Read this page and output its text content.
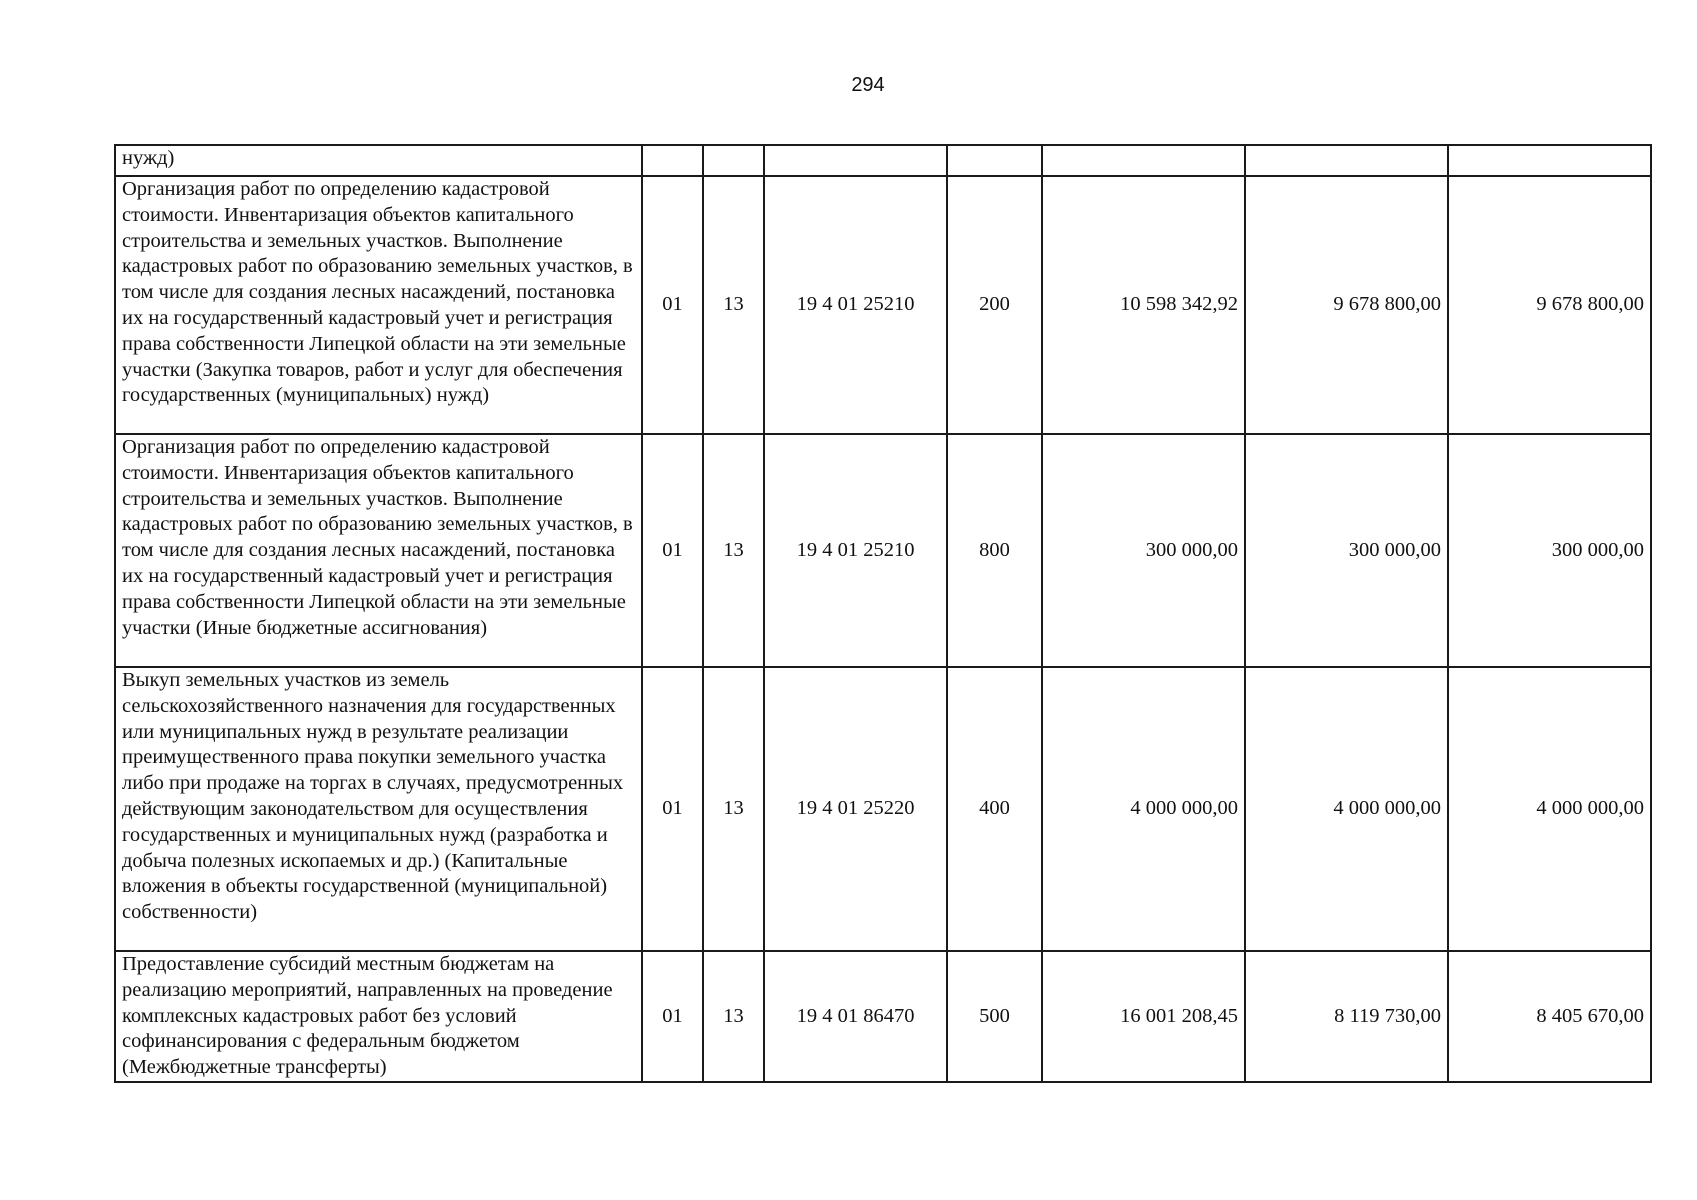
294
нужд)							
Организация работ по определению кадастровой стоимости. Инвентаризация объектов капитального строительства и земельных участков. Выполнение кадастровых работ по образованию земельных участков, в том числе для создания лесных насаждений, постановка их на государственный кадастровый учет и регистрация права собственности Липецкой области на эти земельные участки (Закупка товаров, работ и услуг для обеспечения государственных (муниципальных) нужд)	01	13	19 4 01 25210	200	10 598 342,92	9 678 800,00	9 678 800,00
Организация работ по определению кадастровой стоимости. Инвентаризация объектов капитального строительства и земельных участков. Выполнение кадастровых работ по образованию земельных участков, в том числе для создания лесных насаждений, постановка их на государственный кадастровый учет и регистрация права собственности Липецкой области на эти земельные участки (Иные бюджетные ассигнования)	01	13	19 4 01 25210	800	300 000,00	300 000,00	300 000,00
Выкуп земельных участков из земель сельскохозяйственного назначения для государственных или муниципальных нужд в результате реализации преимущественного права покупки земельного участка либо при продаже на торгах в случаях, предусмотренных действующим законодательством для осуществления государственных и муниципальных нужд (разработка и добыча полезных ископаемых и др.) (Капитальные вложения в объекты государственной (муниципальной) собственности)	01	13	19 4 01 25220	400	4 000 000,00	4 000 000,00	4 000 000,00
Предоставление субсидий местным бюджетам на реализацию мероприятий, направленных на проведение комплексных кадастровых работ без условий софинансирования с федеральным бюджетом (Межбюджетные трансферты)	01	13	19 4 01 86470	500	16 001 208,45	8 119 730,00	8 405 670,00
